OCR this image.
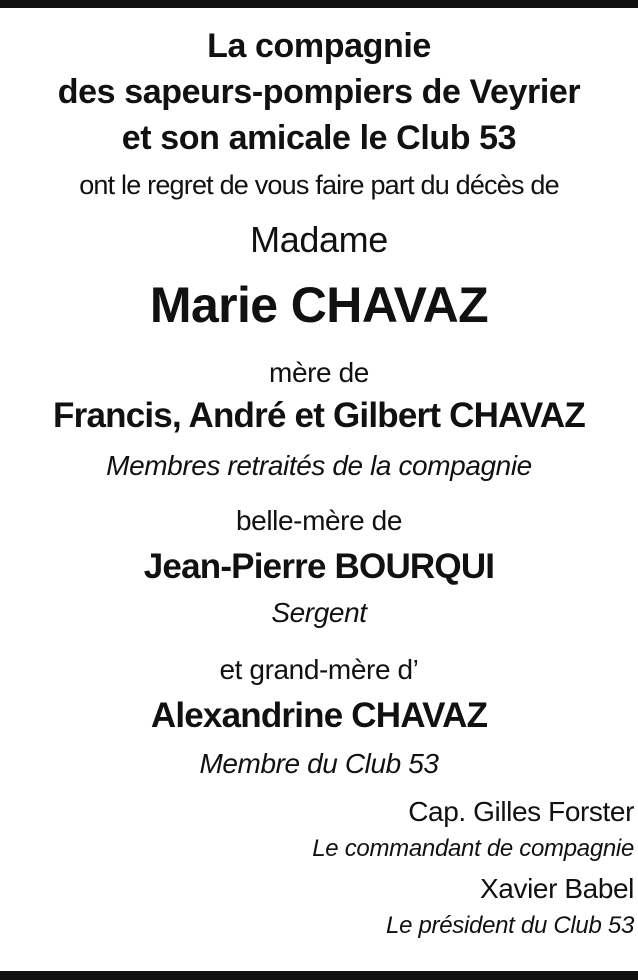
La compagnie
des sapeurs-pompiers de Veyrier
et son amicale le Club 53

ont le regret de vous faire part du décès de

Madame

Marie CHAVAZ

mère de

Francis, André et Gilbert CHAVAZ

Membres retraités de la compagnie

belle-mère de

Jean-Pierre BOURQUI

Sergent

et grand-mère d’

Alexandrine CHAVAZ

Membre du Club 53

Cap. Gilles Forster

Le commandant de compagnie

Xavier Babel

Le président du Club 53
